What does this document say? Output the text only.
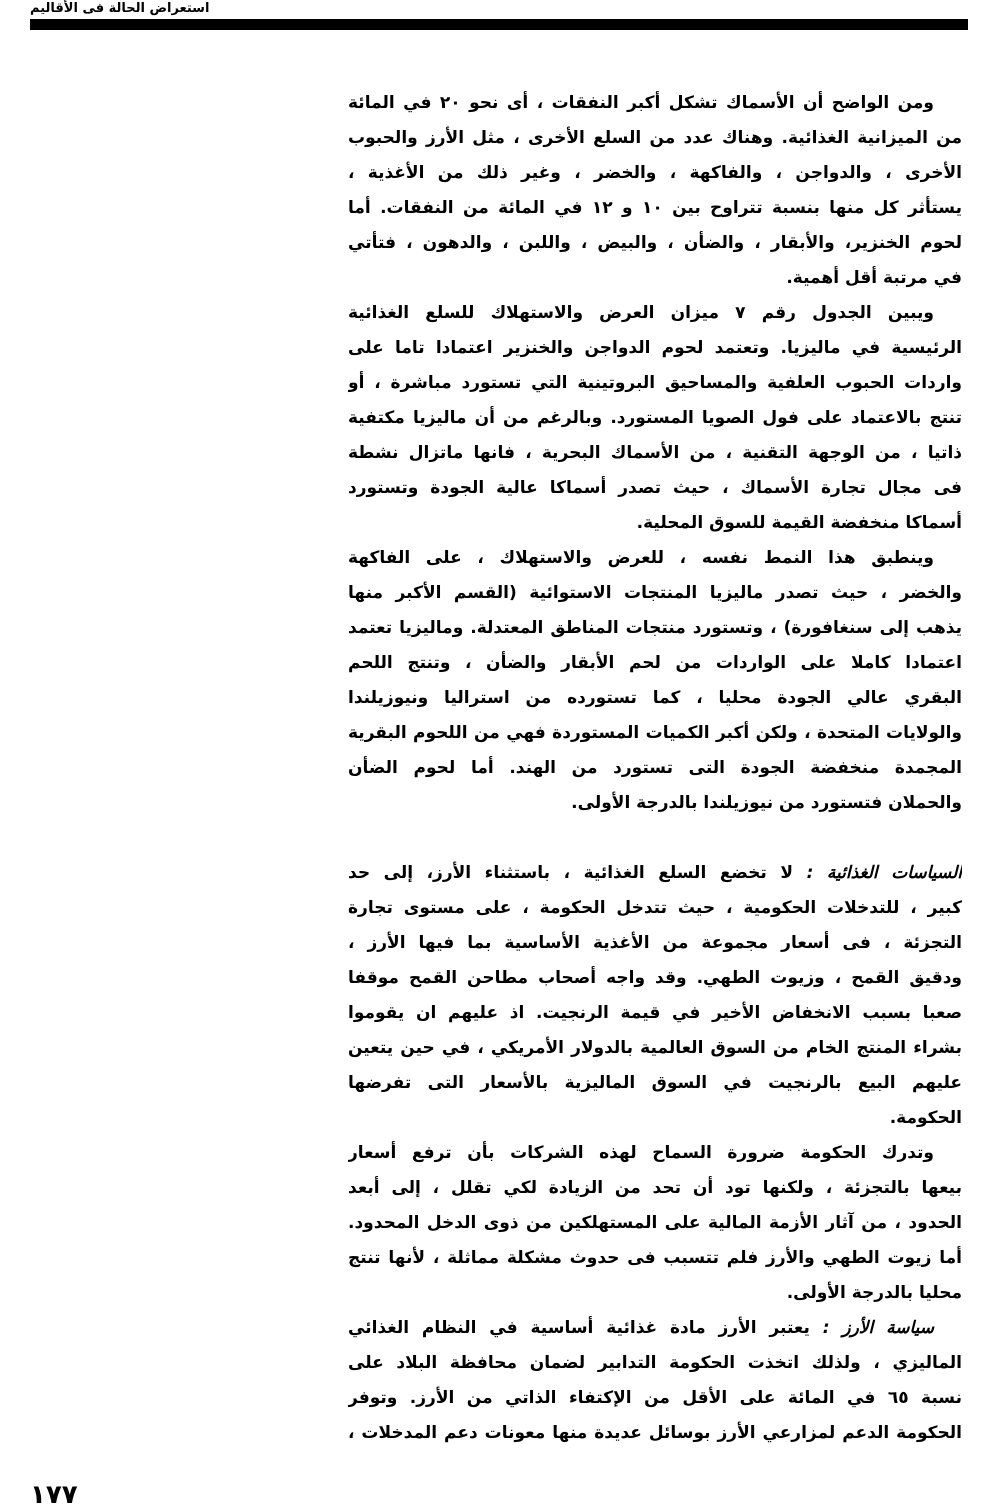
استعراض الحالة فى الأقاليم
ومن الواضح أن الأسماك تشكل أكبر النفقات ، أى نحو ٢٠ في المائة
من الميزانية الغذائية. وهناك عدد من السلع الأخرى ، مثل الأرز والحبوب
الأخرى ، والدواجن ، والفاكهة ، والخضر ، وغير ذلك من الأغذية ،
يستأثر كل منها بنسبة تتراوح بين ١٠ و ١٢ في المائة من النفقات. أما
لحوم الخنزير، والأبقار ، والضأن ، والبيض ، واللبن ، والدهون ، فتأتي
في مرتبة أقل أهمية.
ويبين الجدول رقم ٧ ميزان العرض والاستهلاك للسلع الغذائية
الرئيسية في ماليزيا. وتعتمد لحوم الدواجن والخنزير اعتمادا تاما على
واردات الحبوب العلفية والمساحيق البروتينية التي تستورد مباشرة ، أو
تنتج بالاعتماد على فول الصويا المستورد. وبالرغم من أن ماليزيا مكتفية
ذاتيا ، من الوجهة التقنية ، من الأسماك البحرية ، فانها ماتزال نشطة
فى مجال تجارة الأسماك ، حيث تصدر أسماكا عالية الجودة وتستورد
أسماكا منخفضة القيمة للسوق المحلية.
وينطبق هذا النمط نفسه ، للعرض والاستهلاك ، على الفاكهة
والخضر ، حيث تصدر ماليزيا المنتجات الاستوائية (القسم الأكبر منها
يذهب إلى سنغافورة) ، وتستورد منتجات المناطق المعتدلة. وماليزيا تعتمد
اعتمادا كاملا على الواردات من لحم الأبقار والضأن ، وتنتج اللحم
البقري عالي الجودة محليا ، كما تستورده من استراليا ونيوزيلندا
والولايات المتحدة ، ولكن أكبر الكميات المستوردة فهي من اللحوم البقرية
المجمدة منخفضة الجودة التى تستورد من الهند. أما لحوم الضأن
والحملان فتستورد من نيوزيلندا بالدرجة الأولى.
السياسات الغذائية : لا تخضع السلع الغذائية ، باستثناء الأرز، إلى حد
كبير ، للتدخلات الحكومية ، حيث تتدخل الحكومة ، على مستوى تجارة
التجزئة ، فى أسعار مجموعة من الأغذية الأساسية بما فيها الأرز ،
ودقيق القمح ، وزيوت الطهي. وقد واجه أصحاب مطاحن القمح موقفا
صعبا بسبب الانخفاض الأخير في قيمة الرنجيت. اذ عليهم ان يقوموا
بشراء المنتج الخام من السوق العالمية بالدولار الأمريكي ، في حين يتعين
عليهم البيع بالرنجيت في السوق الماليزية بالأسعار التى تفرضها
الحكومة.
وتدرك الحكومة ضرورة السماح لهذه الشركات بأن ترفع أسعار
بيعها بالتجزئة ، ولكنها تود أن تحد من الزيادة لكي تقلل ، إلى أبعد
الحدود ، من آثار الأزمة المالية على المستهلكين من ذوى الدخل المحدود.
أما زيوت الطهي والأرز فلم تتسبب فى حدوث مشكلة مماثلة ، لأنها تنتج
محليا بالدرجة الأولى.
سياسة الأرز : يعتبر الأرز مادة غذائية أساسية في النظام الغذائي
الماليزي ، ولذلك اتخذت الحكومة التدابير لضمان محافظة البلاد على
نسبة ٦٥ في المائة على الأقل من الإكتفاء الذاتي من الأرز. وتوفر
الحكومة الدعم لمزارعي الأرز بوسائل عديدة منها معونات دعم المدخلات ،
١٧٧
